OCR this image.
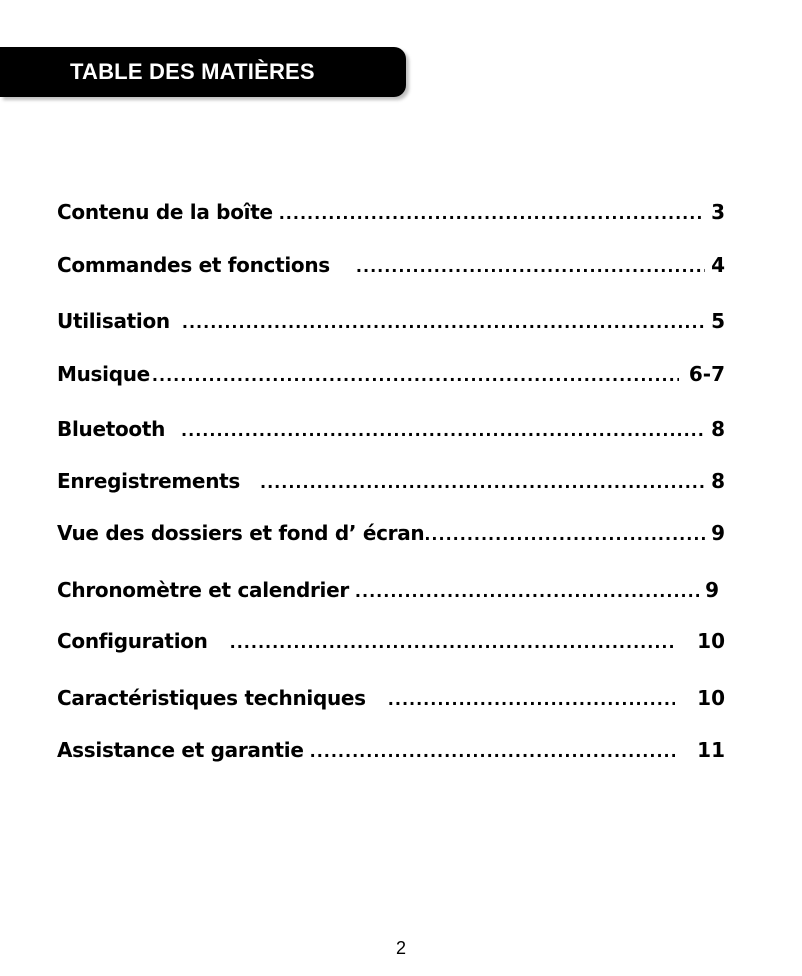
TABLE DES MATIÈRES
Contenu de la boîte .....	3
Commandes et fonctions .....	4
Utilisation .....	5
Musique .....	6-7
Bluetooth .....	8
Enregistrements .....	8
Vue des dossiers et fond d’ écran .....	9
Chronomètre et calendrier .....	9
Configuration .....	10
Caractéristiques techniques .....	10
Assistance et garantie .....	11
2
